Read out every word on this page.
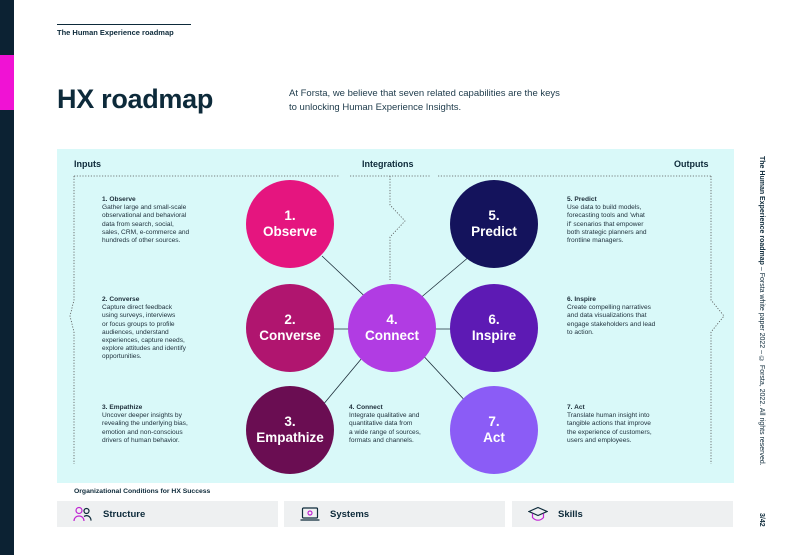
The Human Experience roadmap
HX roadmap	At Forsta, we believe that seven related capabilities are the keys to unlocking Human Experience Insights.
Inputs	Integrations	Outputs
1.
Observe
2.
Converse
3.
Empathize
4.
Connect
5.
Predict
6.
Inspire
7.
Act
1. Observe
Gather large and small-scale
observational and behavioral
data from search, social,
sales, CRM, e-commerce and
hundreds of other sources.
2. Converse
Capture direct feedback
using surveys, interviews
or focus groups to profile
audiences, understand
experiences, capture needs,
explore attitudes and identify
opportunities.
3. Empathize
Uncover deeper insights by
revealing the underlying bias,
emotion and non-conscious
drivers of human behavior.
4. Connect
Integrate qualitative and
quantitative data from
a wide range of sources,
formats and channels.
5. Predict
Use data to build models,
forecasting tools and 'what
if' scenarios that empower
both strategic planners and
frontline managers.
6. Inspire
Create compelling narratives
and data visualizations that
engage stakeholders and lead
to action.
7. Act
Translate human insight into
tangible actions that improve
the experience of customers,
users and employees.
Organizational Conditions for HX Success
Structure	Systems	Skills
The Human Experience roadmap – Forsta white paper 2022 – © Forsta, 2022. All rights reserved.
3/42
